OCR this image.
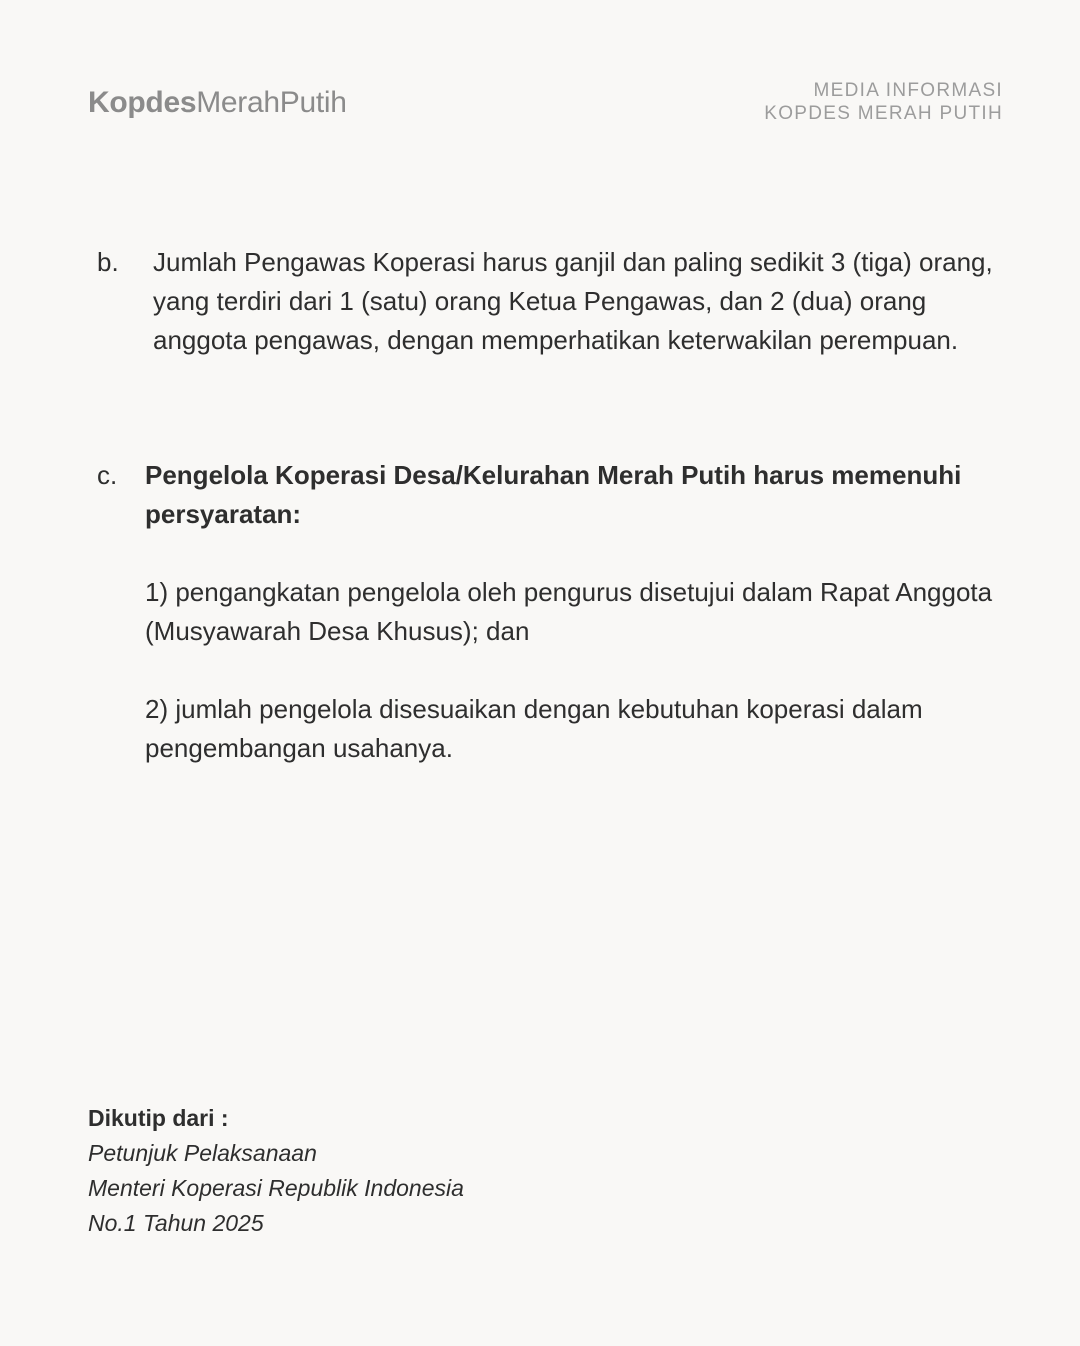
KopdesMerahPutih	MEDIA INFORMASI
KOPDES MERAH PUTIH
b. Jumlah Pengawas Koperasi harus ganjil dan paling sedikit 3 (tiga) orang, yang terdiri dari 1 (satu) orang Ketua Pengawas, dan 2 (dua) orang anggota pengawas, dengan memperhatikan keterwakilan perempuan.
c. Pengelola Koperasi Desa/Kelurahan Merah Putih harus memenuhi persyaratan:
1) pengangkatan pengelola oleh pengurus disetujui dalam Rapat Anggota (Musyawarah Desa Khusus); dan
2) jumlah pengelola disesuaikan dengan kebutuhan koperasi dalam pengembangan usahanya.
Dikutip dari :
Petunjuk Pelaksanaan
Menteri Koperasi Republik Indonesia
No.1 Tahun 2025
